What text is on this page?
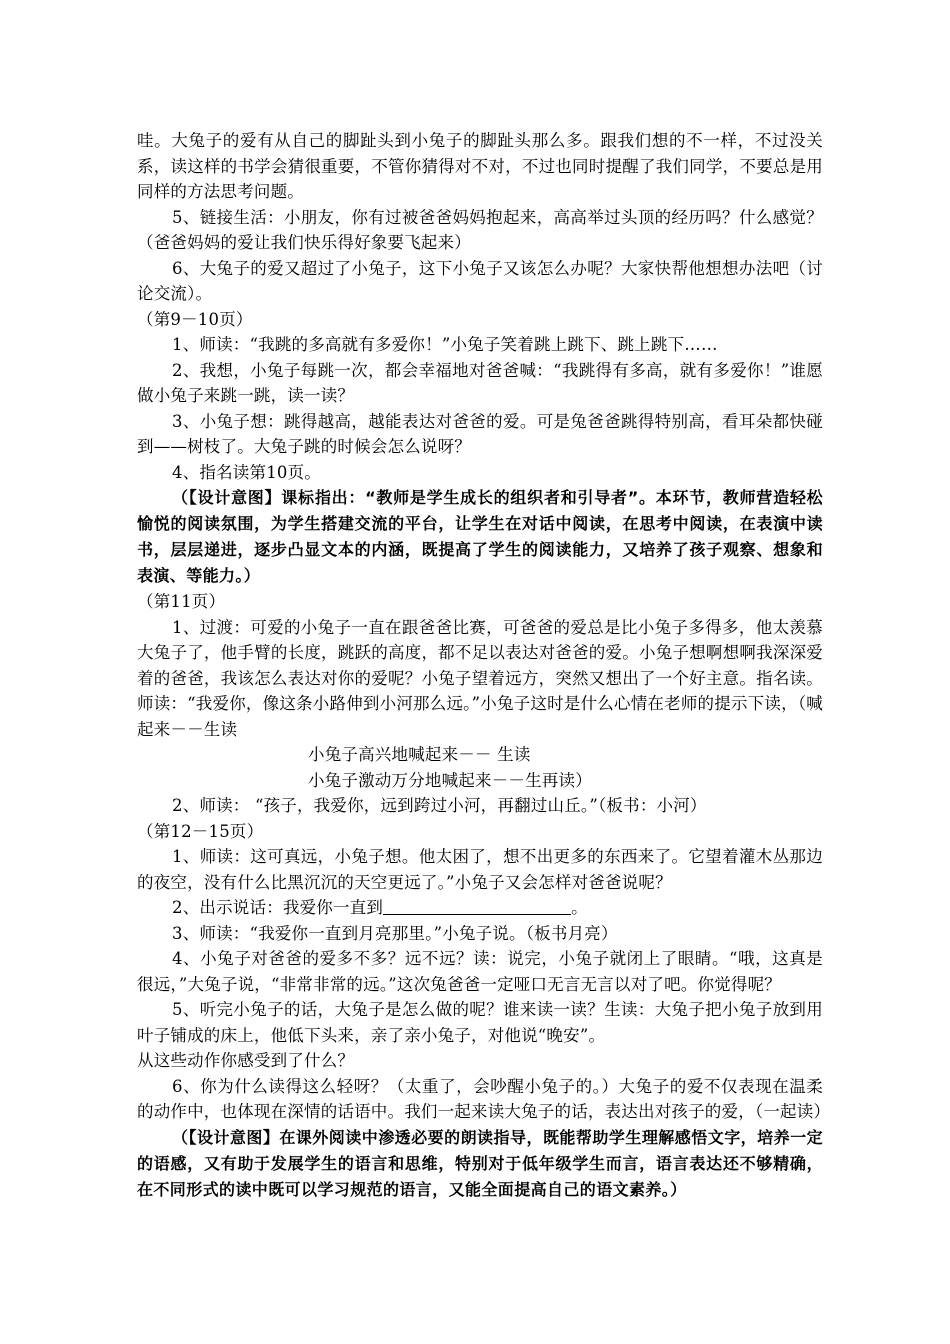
哇。大兔子的爱有从自己的脚趾头到小兔子的脚趾头那么多。跟我们想的不一样，不过没关系，读这样的书学会猜很重要，不管你猜得对不对，不过也同时提醒了我们同学，不要总是用同样的方法思考问题。

5、链接生活：小朋友，你有过被爸爸妈妈抱起来，高高举过头顶的经历吗？什么感觉？（爸爸妈妈的爱让我们快乐得好象要飞起来）

6、大兔子的爱又超过了小兔子，这下小兔子又该怎么办呢？大家快帮他想想办法吧（讨论交流）。

（第9－10页）

1、师读：“我跳的多高就有多爱你！”小兔子笑着跳上跳下、跳上跳下……

2、我想，小兔子每跳一次，都会幸福地对爸爸喊：“我跳得有多高，就有多爱你！”谁愿做小兔子来跳一跳，读一读？

3、小兔子想：跳得越高，越能表达对爸爸的爱。可是兔爸爸跳得特别高，看耳朵都快碰到——树枝了。大兔子跳的时候会怎么说呀？

4、指名读第10页。

（【设计意图】课标指出：“教师是学生成长的组织者和引导者”。本环节，教师营造轻松愉悦的阅读氛围，为学生搭建交流的平台，让学生在对话中阅读，在思考中阅读，在表演中读书，层层递进，逐步凸显文本的内涵，既提高了学生的阅读能力，又培养了孩子观察、想象和表演、等能力。）

（第11页）

1、过渡：可爱的小兔子一直在跟爸爸比赛，可爸爸的爱总是比小兔子多得多，他太羡慕大兔子了，他手臂的长度，跳跃的高度，都不足以表达对爸爸的爱。小兔子想啊想啊我深深爱着的爸爸，我该怎么表达对你的爱呢？小兔子望着远方，突然又想出了一个好主意。指名读。师读：“我爱你，像这条小路伸到小河那么远。”小兔子这时是什么心情在老师的提示下读，（喊起来－－生读

小兔子高兴地喊起来－－ 生读

小兔子激动万分地喊起来－－生再读）

2、师读： “孩子，我爱你，远到跨过小河，再翻过山丘。”（板书：小河）

（第12－15页）

1、师读：这可真远，小兔子想。他太困了，想不出更多的东西来了。它望着灌木丛那边的夜空，没有什么比黑沉沉的天空更远了。”小兔子又会怎样对爸爸说呢？

2、出示说话：我爱你一直到	。

3、师读：“我爱你一直到月亮那里。”小兔子说。（板书月亮）

4、小兔子对爸爸的爱多不多？远不远？读：说完，小兔子就闭上了眼睛。“哦，这真是很远，”大兔子说，“非常非常的远。”这次兔爸爸一定哑口无言无言以对了吧。你觉得呢？

5、听完小兔子的话，大兔子是怎么做的呢？谁来读一读？生读：大兔子把小兔子放到用叶子铺成的床上，他低下头来，亲了亲小兔子，对他说“晚安”。

从这些动作你感受到了什么？

6、你为什么读得这么轻呀？（太重了，会吵醒小兔子的。）大兔子的爱不仅表现在温柔的动作中，也体现在深情的话语中。我们一起来读大兔子的话，表达出对孩子的爱，（一起读）

（【设计意图】在课外阅读中渗透必要的朗读指导，既能帮助学生理解感悟文字，培养一定的语感，又有助于发展学生的语言和思维，特别对于低年级学生而言，语言表达还不够精确，在不同形式的读中既可以学习规范的语言，又能全面提高自己的语文素养。）
